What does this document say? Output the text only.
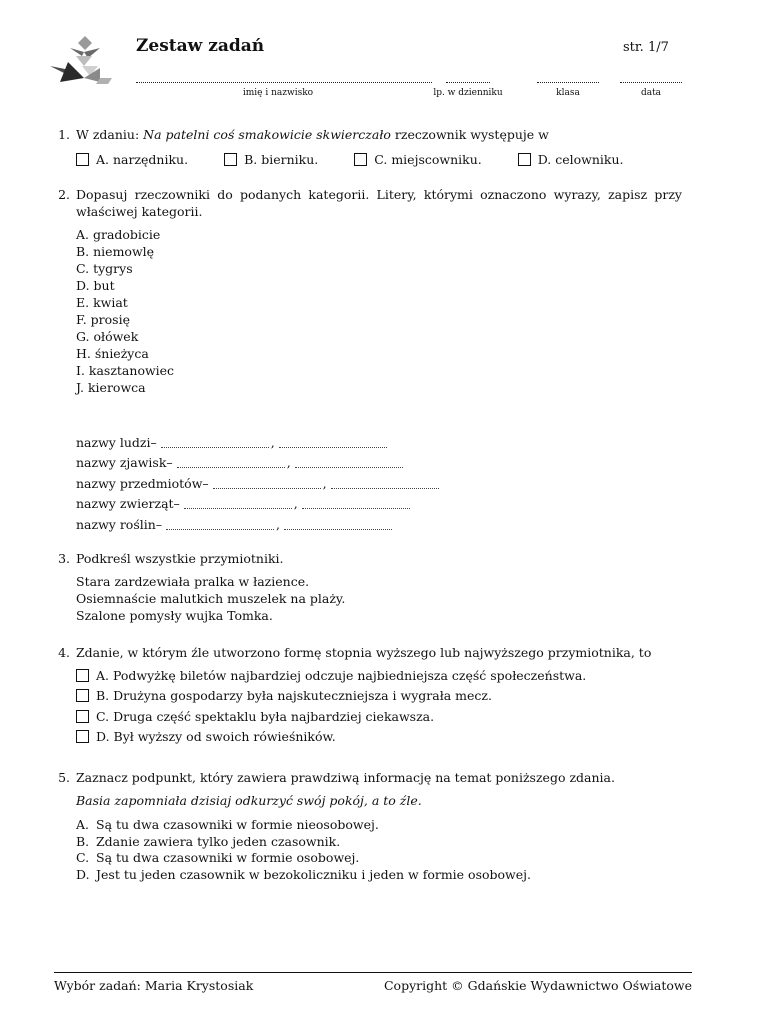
Zestaw zadań	str. 1/7
imię i nazwisko	lp. w dzienniku	klasa	data
1. W zdaniu: Na patelni coś smakowicie skwierczało rzeczownik występuje w
A. narzędniku.	B. bierniku.	C. miejscowniku.	D. celowniku.
2. Dopasuj rzeczowniki do podanych kategorii. Litery, którymi oznaczono wyrazy, zapisz przy właściwej kategorii.
A. gradobicie
B. niemowlę
C. tygrys
D. but
E. kwiat
F. prosię
G. ołówek
H. śnieżyca
I. kasztanowiec
J. kierowca
nazwy ludzi–	,
nazwy zjawisk–	,
nazwy przedmiotów–	,
nazwy zwierząt–	,
nazwy roślin–	,
3. Podkreśl wszystkie przymiotniki.
Stara zardzewiała pralka w łazience.
Osiemnaście malutkich muszelek na plaży.
Szalone pomysły wujka Tomka.
4. Zdanie, w którym źle utworzono formę stopnia wyższego lub najwyższego przymiotnika, to
A. Podwyżkę biletów najbardziej odczuje najbiedniejsza część społeczeństwa.
B. Drużyna gospodarzy była najskuteczniejsza i wygrała mecz.
C. Druga część spektaklu była najbardziej ciekawsza.
D. Był wyższy od swoich rówieśników.
5. Zaznacz podpunkt, który zawiera prawdziwą informację na temat poniższego zdania.
Basia zapomniała dzisiaj odkurzyć swój pokój, a to źle.
A. Są tu dwa czasowniki w formie nieosobowej.
B. Zdanie zawiera tylko jeden czasownik.
C. Są tu dwa czasowniki w formie osobowej.
D. Jest tu jeden czasownik w bezokoliczniku i jeden w formie osobowej.
Wybór zadań: Maria Krystosiak	Copyright © Gdańskie Wydawnictwo Oświatowe
